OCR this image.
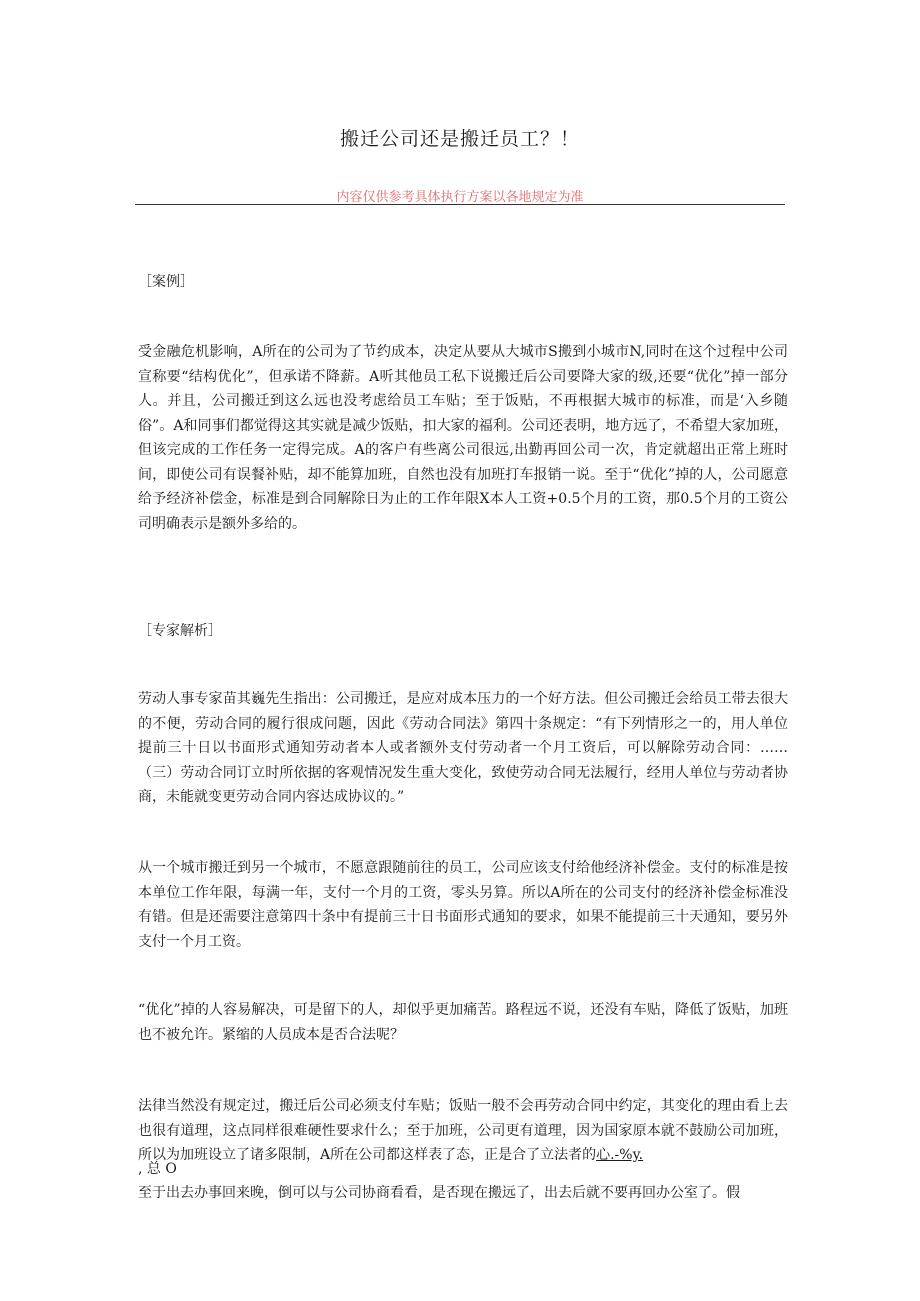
搬迁公司还是搬迁员工？！
内容仅供参考具体执行方案以各地规定为准
［案例］
受金融危机影响，A所在的公司为了节约成本，决定从要从大城市S搬到小城市N,同时在这个过程中公司宣称要“结构优化”，但承诺不降薪。A听其他员工私下说搬迁后公司要降大家的级,还要“优化”掉一部分人。并且，公司搬迁到这么远也没考虑给员工车贴；至于饭贴，不再根据大城市的标准，而是‘入乡随俗”。A和同事们都觉得这其实就是减少饭贴，扣大家的福利。公司还表明，地方远了，不希望大家加班，但该完成的工作任务一定得完成。A的客户有些离公司很远,出勤再回公司一次，肯定就超出正常上班时间，即使公司有误餐补贴，却不能算加班，自然也没有加班打车报销一说。至于“优化”掉的人，公司愿意给予经济补偿金，标准是到合同解除日为止的工作年限X本人工资+0.5个月的工资，那0.5个月的工资公司明确表示是额外多给的。
［专家解析］
劳动人事专家苗其巍先生指出：公司搬迁，是应对成本压力的一个好方法。但公司搬迁会给员工带去很大的不便，劳动合同的履行很成问题，因此《劳动合同法》第四十条规定：“有下列情形之一的，用人单位提前三十日以书面形式通知劳动者本人或者额外支付劳动者一个月工资后，可以解除劳动合同：……（三）劳动合同订立时所依据的客观情况发生重大变化，致使劳动合同无法履行，经用人单位与劳动者协商，未能就变更劳动合同内容达成协议的。”
从一个城市搬迁到另一个城市，不愿意跟随前往的员工，公司应该支付给他经济补偿金。支付的标准是按本单位工作年限，每满一年，支付一个月的工资，零头另算。所以A所在的公司支付的经济补偿金标准没有错。但是还需要注意第四十条中有提前三十日书面形式通知的要求，如果不能提前三十天通知，要另外支付一个月工资。
“优化”掉的人容易解决，可是留下的人，却似乎更加痛苦。路程远不说，还没有车贴，降低了饭贴，加班也不被允许。紧缩的人员成本是否合法呢？
法律当然没有规定过，搬迁后公司必须支付车贴；饭贴一般不会再劳动合同中约定，其变化的理由看上去也很有道理，这点同样很难硬性要求什么；至于加班，公司更有道理，因为国家原本就不鼓励公司加班，所以为加班设立了诸多限制，A所在公司都这样表了态，正是合了立法者的心.-%y.
, 总 O
至于出去办事回来晚，倒可以与公司协商看看，是否现在搬远了，出去后就不要再回办公室了。假
